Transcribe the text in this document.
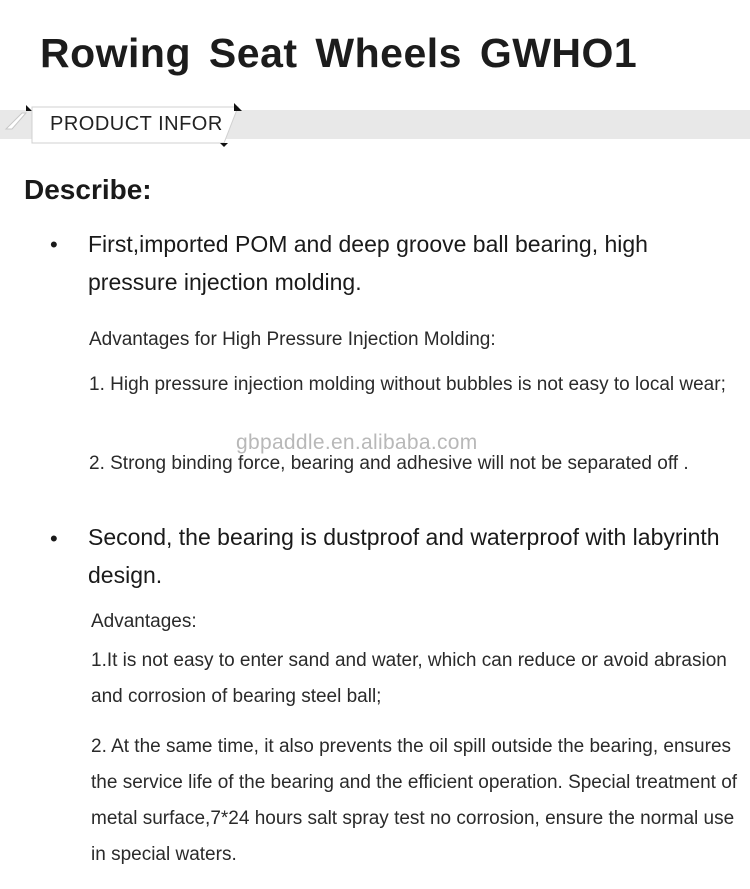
Rowing Seat Wheels GWHO1
PRODUCT INFOR
Describe:
• First,imported POM and deep groove ball bearing, high pressure injection molding.
Advantages for High Pressure Injection Molding:
1. High pressure injection molding without bubbles is not easy to local wear;
2. Strong binding force, bearing and adhesive will not be separated off .
gbpaddle.en.alibaba.com
• Second, the bearing is dustproof and waterproof with labyrinth design.
Advantages:
1.It is not easy to enter sand and water, which can reduce or avoid abrasion and corrosion of bearing steel ball;
2. At the same time, it also prevents the oil spill outside the bearing, ensures the service life of the bearing and the efficient operation. Special treatment of metal surface,7*24 hours salt spray test no corrosion, ensure the normal use in special waters.
